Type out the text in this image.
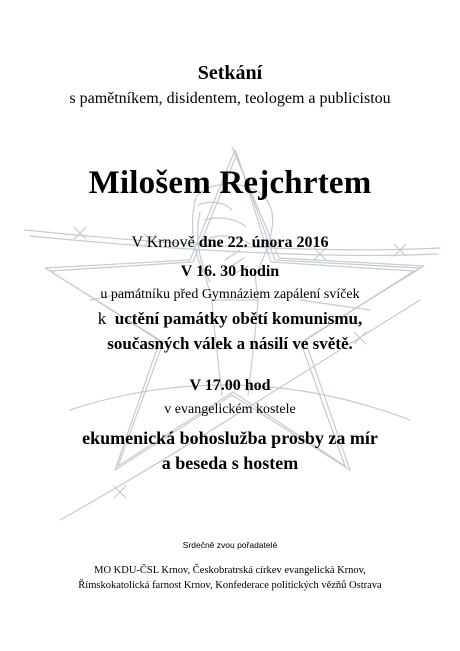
Setkání
s pamětníkem, disidentem, teologem a publicistou
Milošem Rejchrtem
V Krnově dne 22. února 2016
V 16. 30 hodin
u památníku před Gymnáziem zapálení svíček
k uctění památky obětí komunismu,
současných válek a násilí ve světě.
V 17.00 hod
v evangelickém kostele
ekumenická bohoslužba prosby za mír
a beseda s hostem
Srdečně zvou pořadatelé
MO KDU-ČSL Krnov, Českobratrská církev evangelická Krnov,
Římskokatolická farnost Krnov, Konfederace politických vězňů Ostrava
